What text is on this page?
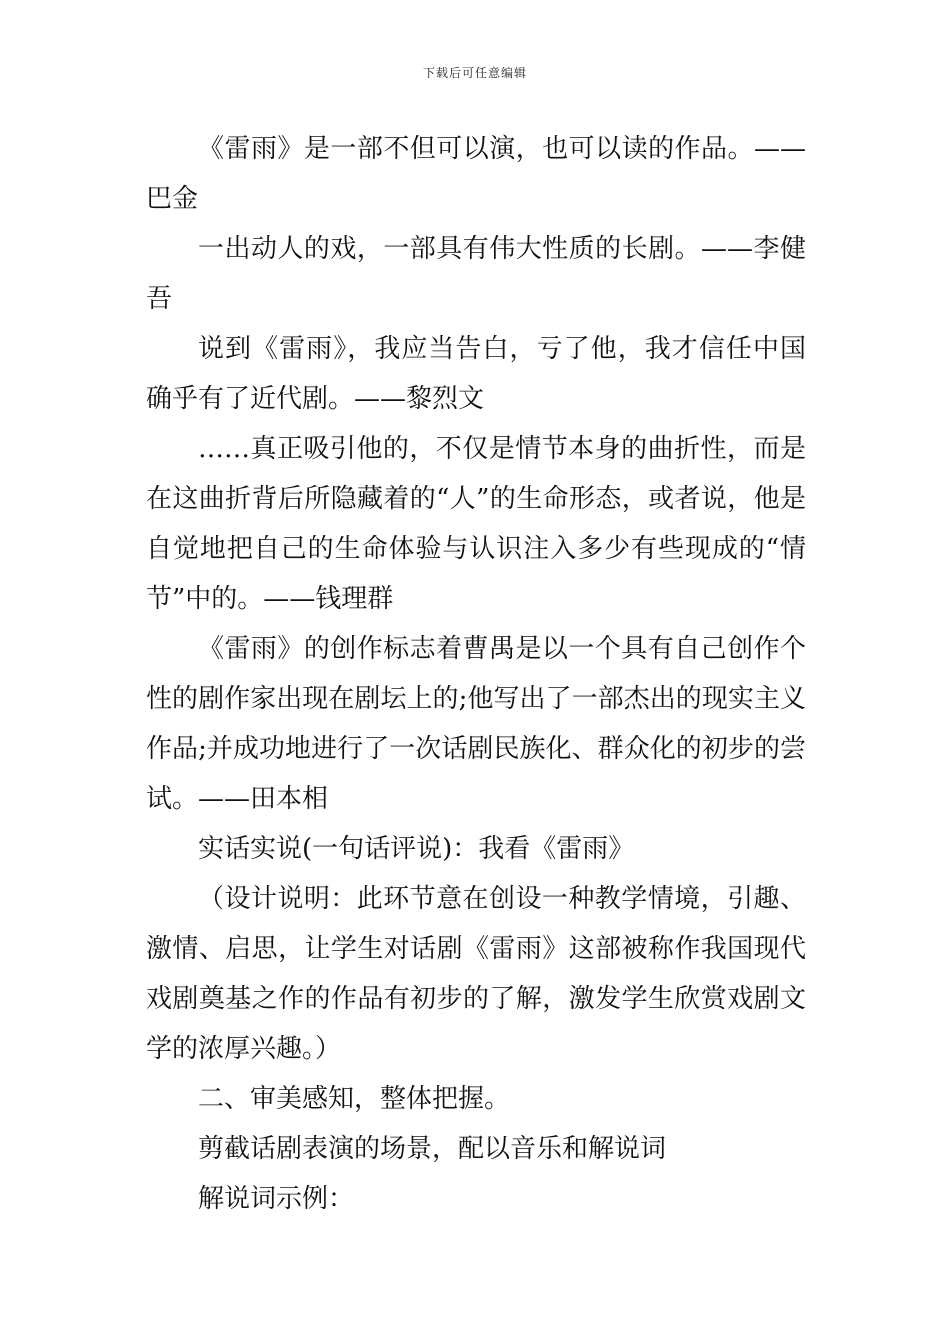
下载后可任意编辑

《雷雨》是一部不但可以演，也可以读的作品。——巴金

一出动人的戏，一部具有伟大性质的长剧。——李健吾

说到《雷雨》，我应当告白，亏了他，我才信任中国确乎有了近代剧。——黎烈文

……真正吸引他的，不仅是情节本身的曲折性，而是在这曲折背后所隐藏着的“人”的生命形态，或者说，他是自觉地把自己的生命体验与认识注入多少有些现成的“情节”中的。——钱理群

《雷雨》的创作标志着曹禺是以一个具有自己创作个性的剧作家出现在剧坛上的;他写出了一部杰出的现实主义作品;并成功地进行了一次话剧民族化、群众化的初步的尝试。——田本相

实话实说(一句话评说)：我看《雷雨》

（设计说明：此环节意在创设一种教学情境，引趣、激情、启思，让学生对话剧《雷雨》这部被称作我国现代戏剧奠基之作的作品有初步的了解，激发学生欣赏戏剧文学的浓厚兴趣。）

二、审美感知，整体把握。

剪截话剧表演的场景，配以音乐和解说词

解说词示例：
